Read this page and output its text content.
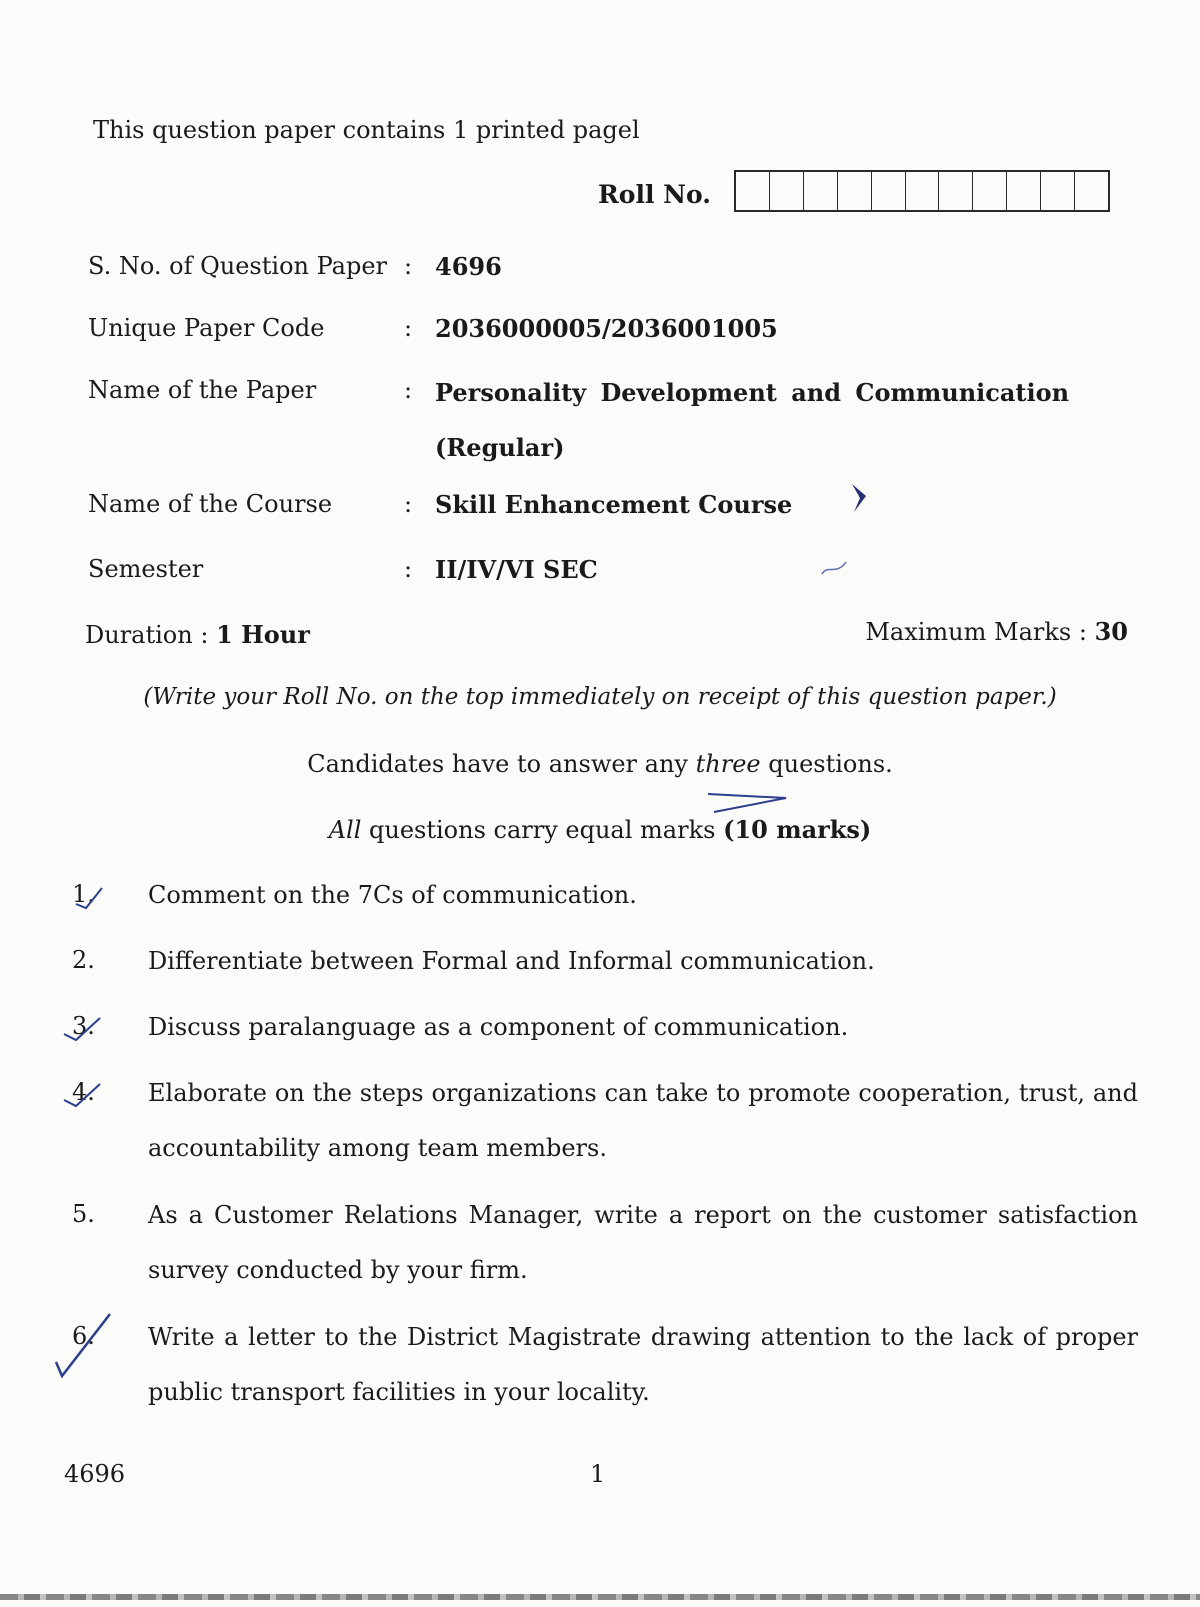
This question paper contains 1 printed pagel
Roll No.
S. No. of Question Paper : 4696
Unique Paper Code	: 2036000005/2036001005
Name of the Paper	: Personality Development and Communication (Regular)
Name of the Course	: Skill Enhancement Course
Semester	: II/IV/VI SEC
Duration : 1 Hour	Maximum Marks : 30
(Write your Roll No. on the top immediately on receipt of this question paper.)
Candidates have to answer any three questions.
All questions carry equal marks (10 marks)
1.	Comment on the 7Cs of communication.
2.	Differentiate between Formal and Informal communication.
3.	Discuss paralanguage as a component of communication.
4.	Elaborate on the steps organizations can take to promote cooperation, trust, and accountability among team members.
5.	As a Customer Relations Manager, write a report on the customer satisfaction survey conducted by your firm.
6.	Write a letter to the District Magistrate drawing attention to the lack of proper public transport facilities in your locality.
4696	1
